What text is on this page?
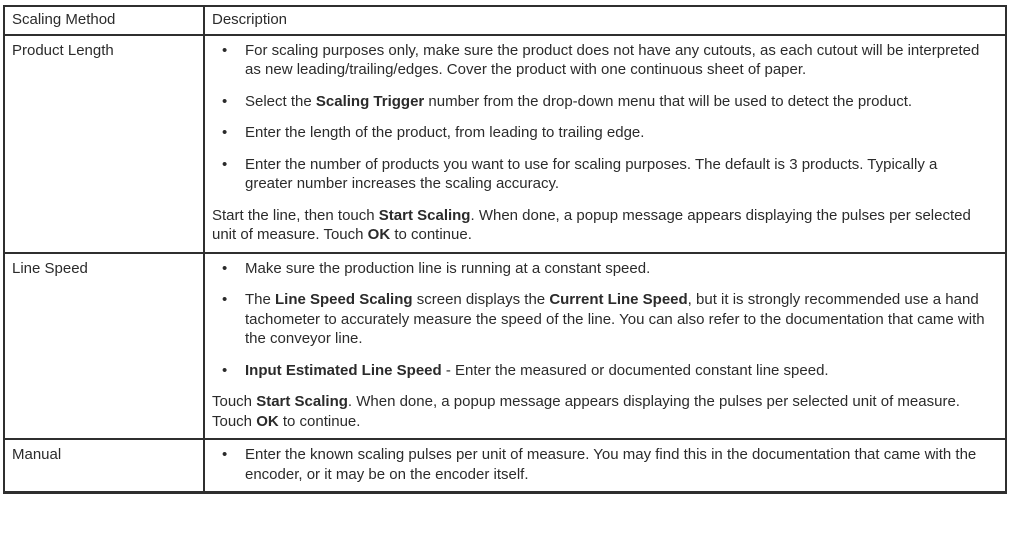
Scaling Method	Description
Product Length	•	For scaling purposes only, make sure the product does not have any cutouts, as each cutout will be interpreted as new leading/trailing/edges. Cover the product with one continuous sheet of paper.
•	Select the Scaling Trigger number from the drop-down menu that will be used to detect the product.
•	Enter the length of the product, from leading to trailing edge.
•	Enter the number of products you want to use for scaling purposes. The default is 3 products. Typically a greater number increases the scaling accuracy.
Start the line, then touch Start Scaling. When done, a popup message appears displaying the pulses per selected unit of measure. Touch OK to continue.

Line Speed	•	Make sure the production line is running at a constant speed.
•	The Line Speed Scaling screen displays the Current Line Speed, but it is strongly recommended use a hand tachometer to accurately measure the speed of the line. You can also refer to the documentation that came with the conveyor line.
•	Input Estimated Line Speed - Enter the measured or documented constant line speed.
Touch Start Scaling. When done, a popup message appears displaying the pulses per selected unit of measure. Touch OK to continue.

Manual	• Enter the known scaling pulses per unit of measure. You may find this in the documentation that came with the encoder, or it may be on the encoder itself.
